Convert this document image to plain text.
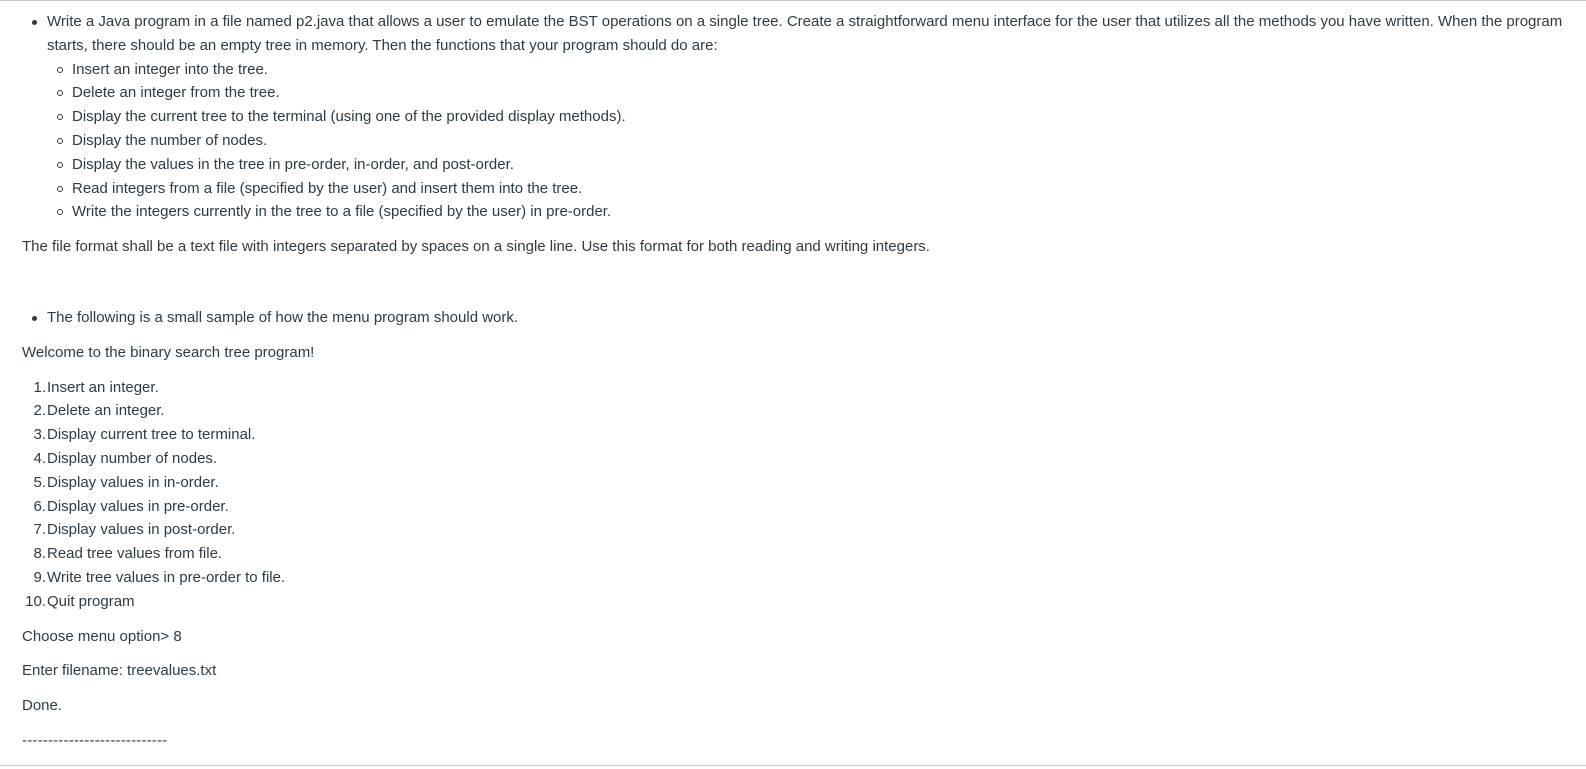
Write a Java program in a file named p2.java that allows a user to emulate the BST operations on a single tree. Create a straightforward menu interface for the user that utilizes all the methods you have written. When the program starts, there should be an empty tree in memory. Then the functions that your program should do are:
Insert an integer into the tree.
Delete an integer from the tree.
Display the current tree to the terminal (using one of the provided display methods).
Display the number of nodes.
Display the values in the tree in pre-order, in-order, and post-order.
Read integers from a file (specified by the user) and insert them into the tree.
Write the integers currently in the tree to a file (specified by the user) in pre-order.

The file format shall be a text file with integers separated by spaces on a single line. Use this format for both reading and writing integers.

The following is a small sample of how the menu program should work.

Welcome to the binary search tree program!

1. Insert an integer.
2. Delete an integer.
3. Display current tree to terminal.
4. Display number of nodes.
5. Display values in in-order.
6. Display values in pre-order.
7. Display values in post-order.
8. Read tree values from file.
9. Write tree values in pre-order to file.
10. Quit program

Choose menu option> 8

Enter filename: treevalues.txt

Done.

----------------------------
